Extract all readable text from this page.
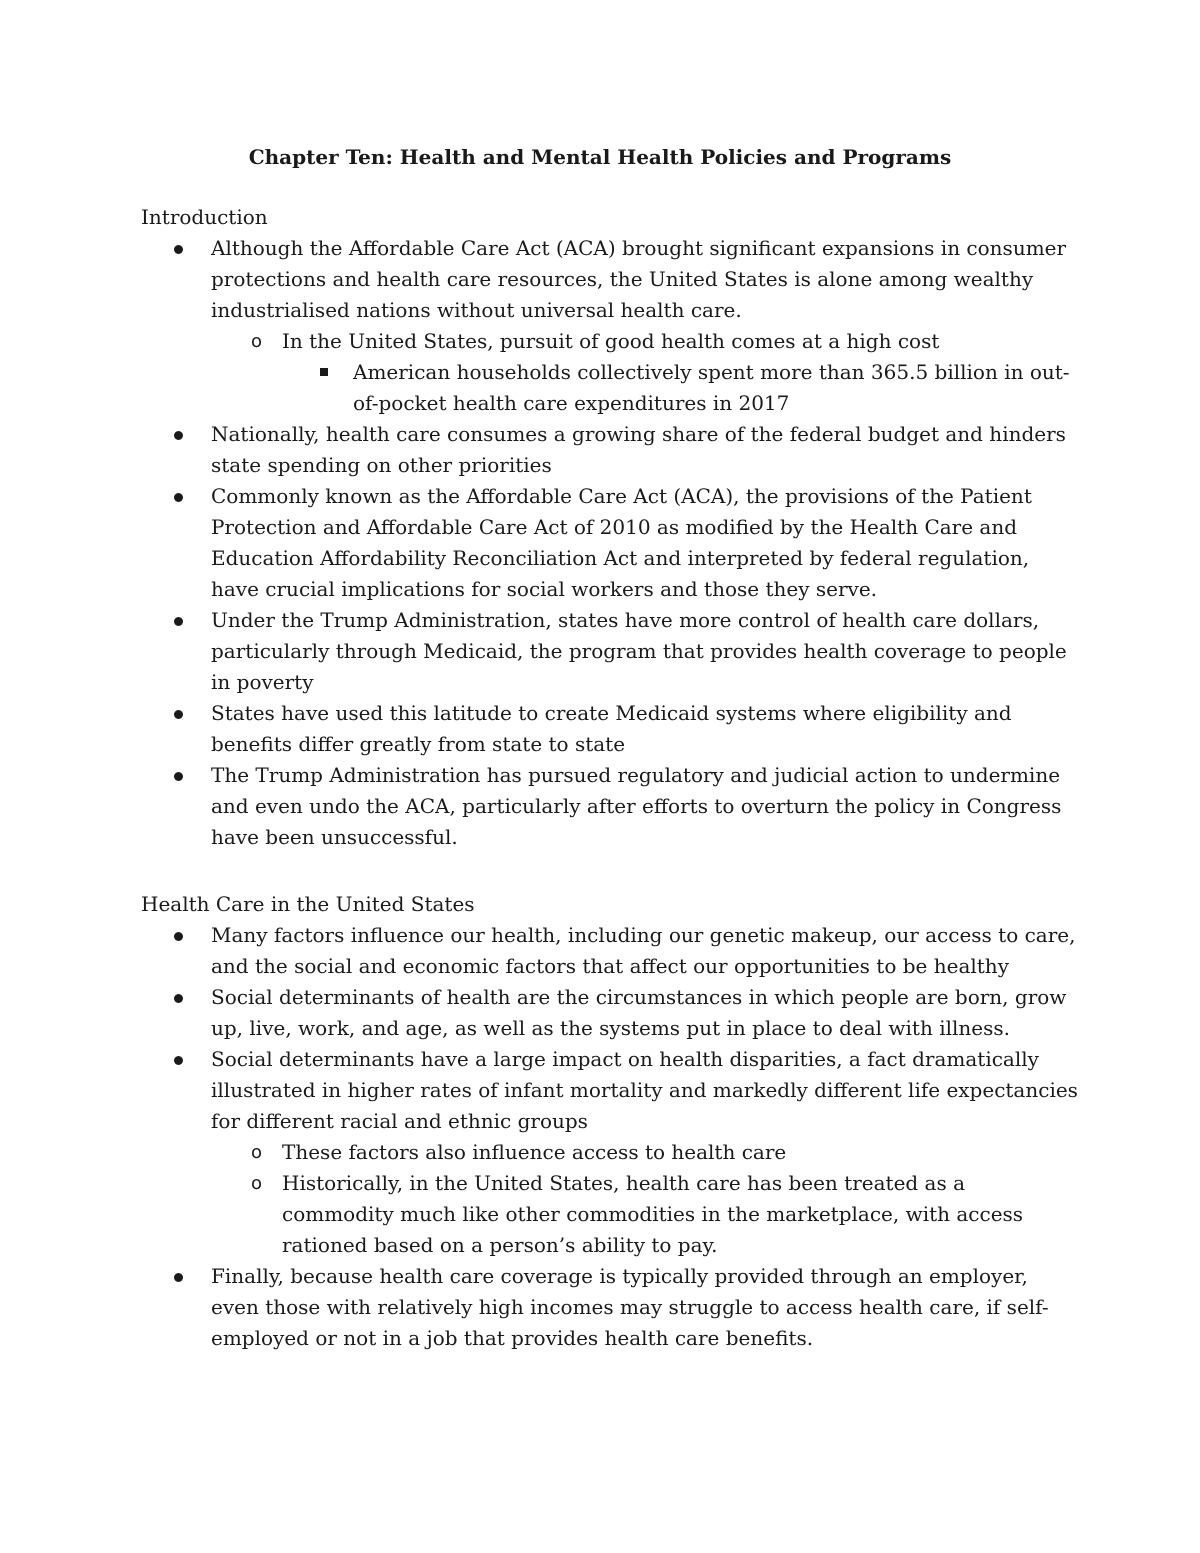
Chapter Ten: Health and Mental Health Policies and Programs

Introduction

Although the Affordable Care Act (ACA) brought significant expansions in consumer protections and health care resources, the United States is alone among wealthy industrialised nations without universal health care.
o In the United States, pursuit of good health comes at a high cost
American households collectively spent more than 365.5 billion in out-of-pocket health care expenditures in 2017
Nationally, health care consumes a growing share of the federal budget and hinders state spending on other priorities
Commonly known as the Affordable Care Act (ACA), the provisions of the Patient Protection and Affordable Care Act of 2010 as modified by the Health Care and Education Affordability Reconciliation Act and interpreted by federal regulation, have crucial implications for social workers and those they serve.
Under the Trump Administration, states have more control of health care dollars, particularly through Medicaid, the program that provides health coverage to people in poverty
States have used this latitude to create Medicaid systems where eligibility and benefits differ greatly from state to state
The Trump Administration has pursued regulatory and judicial action to undermine and even undo the ACA, particularly after efforts to overturn the policy in Congress have been unsuccessful.

Health Care in the United States

Many factors influence our health, including our genetic makeup, our access to care, and the social and economic factors that affect our opportunities to be healthy
Social determinants of health are the circumstances in which people are born, grow up, live, work, and age, as well as the systems put in place to deal with illness.
Social determinants have a large impact on health disparities, a fact dramatically illustrated in higher rates of infant mortality and markedly different life expectancies for different racial and ethnic groups
o These factors also influence access to health care
o Historically, in the United States, health care has been treated as a commodity much like other commodities in the marketplace, with access rationed based on a person’s ability to pay.
Finally, because health care coverage is typically provided through an employer, even those with relatively high incomes may struggle to access health care, if self-employed or not in a job that provides health care benefits.
